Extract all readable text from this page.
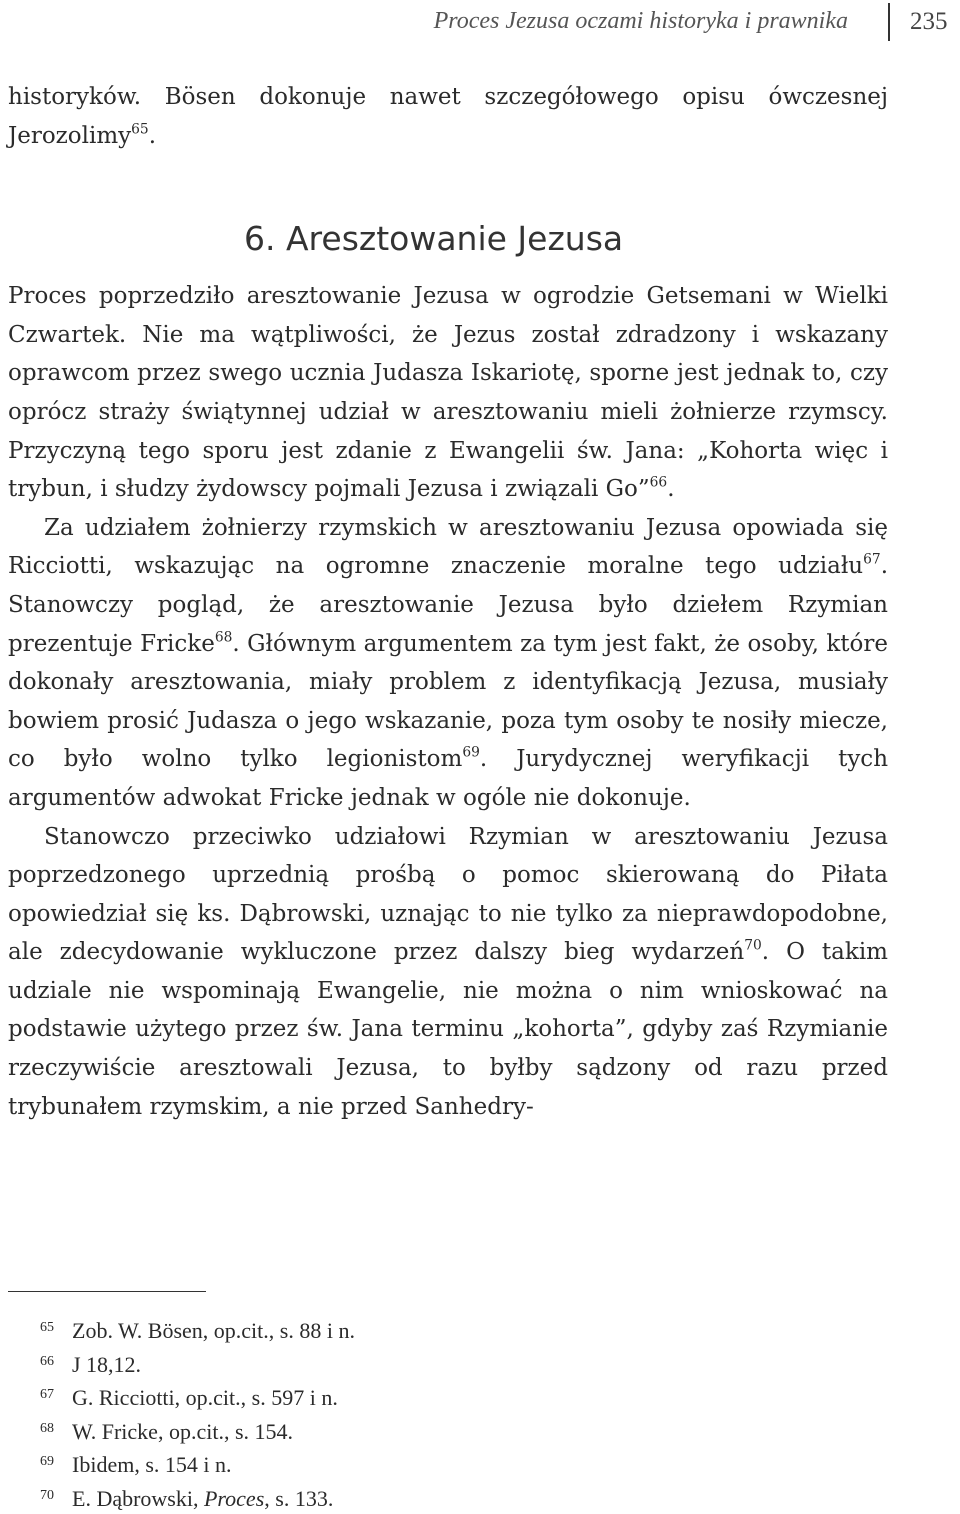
Proces Jezusa oczami historyka i prawnika 235

historyków. Bösen dokonuje nawet szczegółowego opisu ówczesnej Jerozolimy$^{65}$.

6. Aresztowanie Jezusa

Proces poprzedziło aresztowanie Jezusa w ogrodzie Getsemani w Wielki Czwartek. Nie ma wątpliwości, że Jezus został zdradzony i wskazany oprawcom przez swego ucznia Judasza Iskariotę, sporne jest jednak to, czy oprócz straży świątynnej udział w aresztowaniu mieli żołnierze rzymscy. Przyczyną tego sporu jest zdanie z Ewangelii św. Jana: „Kohorta więc i trybun, i słudzy żydowscy pojmali Jezusa i związali Go”$^{66}$.

Za udziałem żołnierzy rzymskich w aresztowaniu Jezusa opowiada się Ricciotti, wskazując na ogromne znaczenie moralne tego udziału$^{67}$. Stanowczy pogląd, że aresztowanie Jezusa było dziełem Rzymian prezentuje Fricke$^{68}$. Głównym argumentem za tym jest fakt, że osoby, które dokonały aresztowania, miały problem z identyfikacją Jezusa, musiały bowiem prosić Judasza o jego wskazanie, poza tym osoby te nosiły miecze, co było wolno tylko legionistom$^{69}$. Jurydycznej weryfikacji tych argumentów adwokat Fricke jednak w ogóle nie dokonuje.

Stanowczo przeciwko udziałowi Rzymian w aresztowaniu Jezusa poprzedzonego uprzednią prośbą o pomoc skierowaną do Piłata opowiedział się ks. Dąbrowski, uznając to nie tylko za nieprawdopodobne, ale zdecydowanie wykluczone przez dalszy bieg wydarzeń$^{70}$. O takim udziale nie wspominają Ewangelie, nie można o nim wnioskować na podstawie użytego przez św. Jana terminu „kohorta”, gdyby zaś Rzymianie rzeczywiście aresztowali Jezusa, to byłby sądzony od razu przed trybunałem rzymskim, a nie przed Sanhedry-

65 Zob. W. Bösen, op.cit., s. 88 i n.
66 J 18,12.
67 G. Ricciotti, op.cit., s. 597 i n.
68 W. Fricke, op.cit., s. 154.
69 Ibidem, s. 154 i n.
70 E. Dąbrowski, Proces, s. 133.
